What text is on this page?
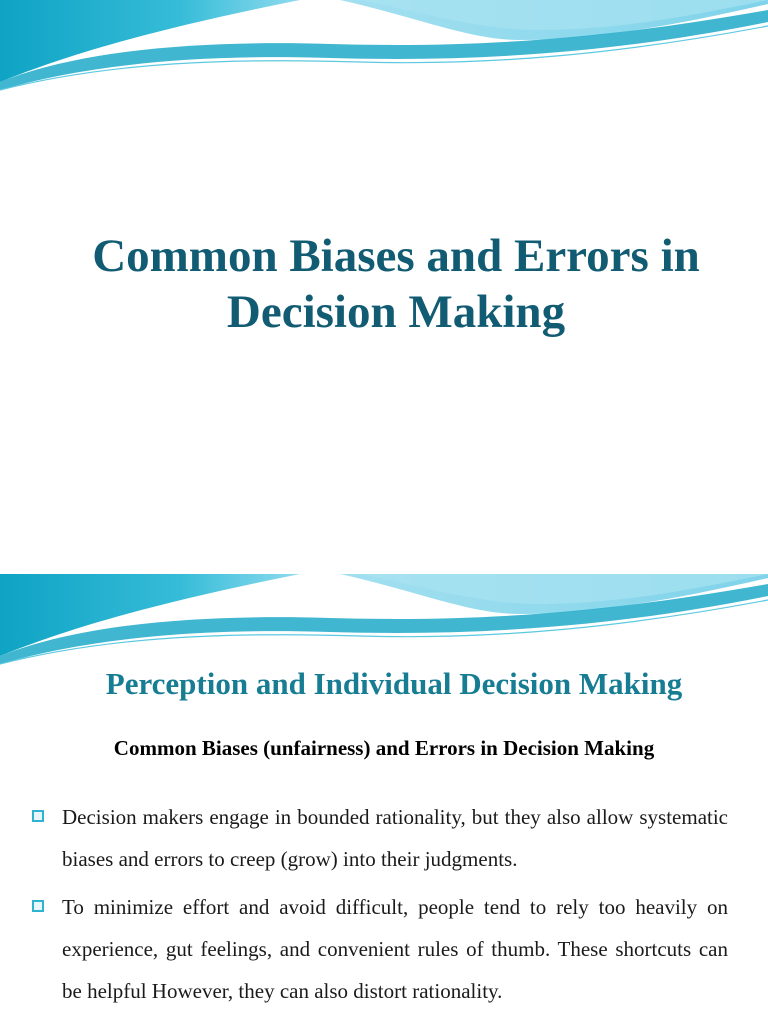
Common Biases and Errors in Decision Making
Perception and Individual Decision Making
Common Biases (unfairness) and Errors in Decision Making
Decision makers engage in bounded rationality, but they also allow systematic biases and errors to creep (grow) into their judgments.
To minimize effort and avoid difficult, people tend to rely too heavily on experience, gut feelings, and convenient rules of thumb. These shortcuts can be helpful However, they can also distort rationality.
